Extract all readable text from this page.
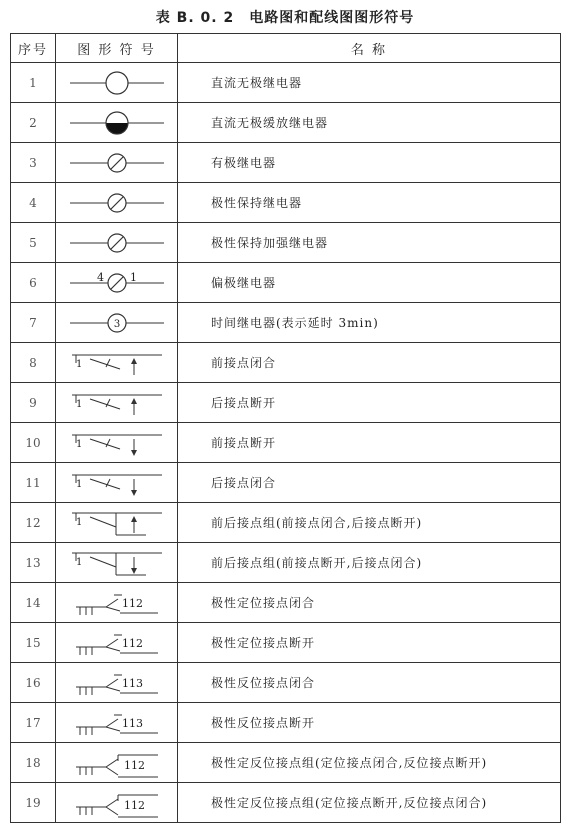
表 B. 0. 2　电路图和配线图图形符号
序号	图 形 符 号	名 称
1		直流无极继电器
2		直流无极缓放继电器
3		有极继电器
4		极性保持继电器
5		极性保持加强继电器
6	4 1	偏极继电器
7	3	时间继电器(表示延时 3min)
8	1	前接点闭合
9	1	后接点断开
10	1	前接点断开
11	1	后接点闭合
12	1	前后接点组(前接点闭合,后接点断开)
13	1	前后接点组(前接点断开,后接点闭合)
14	112	极性定位接点闭合
15	112	极性定位接点断开
16	113	极性反位接点闭合
17	113	极性反位接点断开
18	112	极性定反位接点组(定位接点闭合,反位接点断开)
19	112	极性定反位接点组(定位接点断开,反位接点闭合)
